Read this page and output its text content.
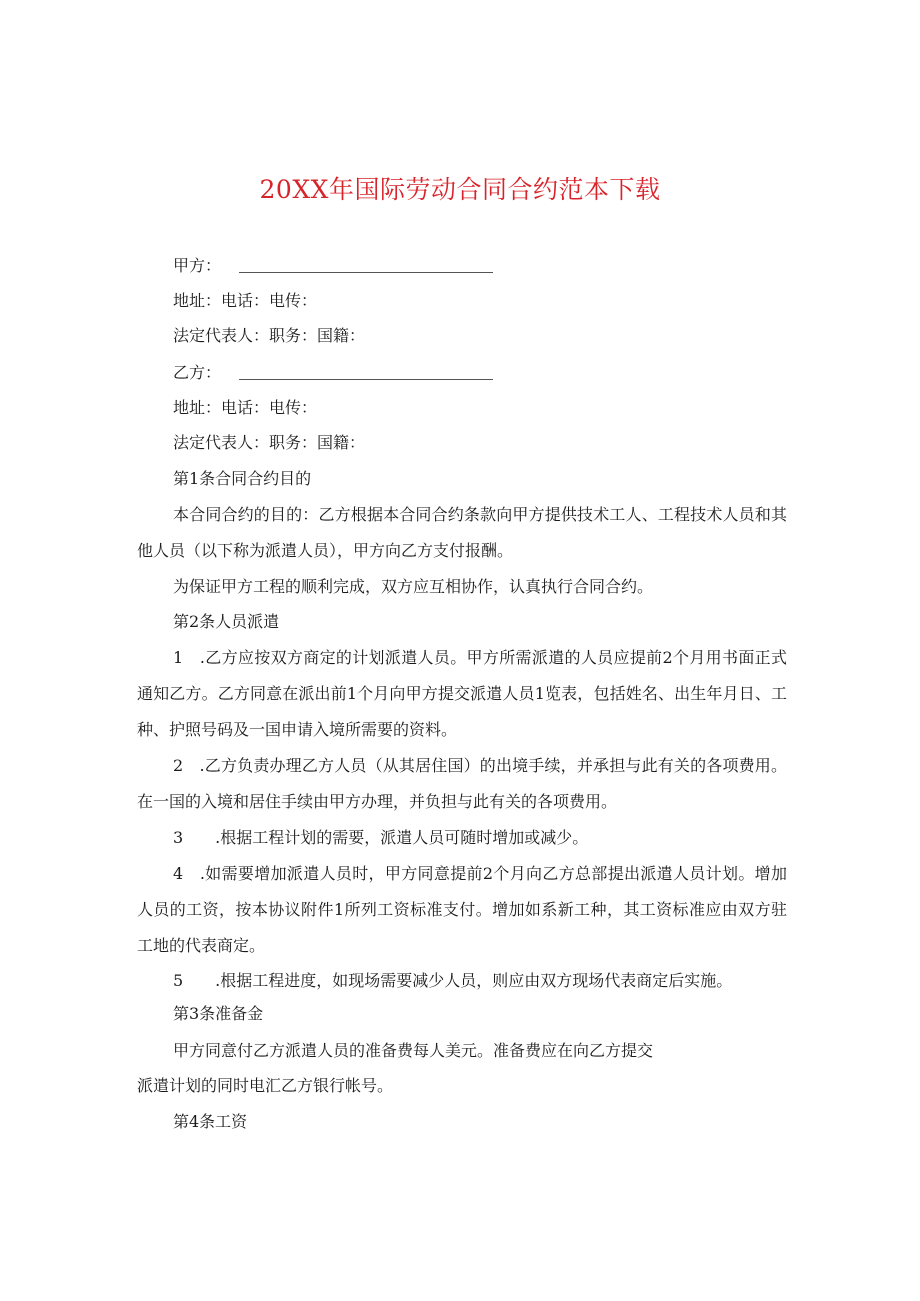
20XX年国际劳动合同合约范本下载
甲方：
地址：电话：电传：
法定代表人：职务：国籍：
乙方：
地址：电话：电传：
法定代表人：职务：国籍：
第1条合同合约目的
本合同合约的目的：乙方根据本合同合约条款向甲方提供技术工人、工程技术人员和其他人员（以下称为派遣人员），甲方向乙方支付报酬。
为保证甲方工程的顺利完成，双方应互相协作，认真执行合同合约。
第2条人员派遣
1　.乙方应按双方商定的计划派遣人员。甲方所需派遣的人员应提前2个月用书面正式通知乙方。乙方同意在派出前1个月向甲方提交派遣人员1览表，包括姓名、出生年月日、工种、护照号码及一国申请入境所需要的资料。
2　.乙方负责办理乙方人员（从其居住国）的出境手续，并承担与此有关的各项费用。在一国的入境和居住手续由甲方办理，并负担与此有关的各项费用。
3　　.根据工程计划的需要，派遣人员可随时增加或减少。
4　.如需要增加派遣人员时，甲方同意提前2个月向乙方总部提出派遣人员计划。增加人员的工资，按本协议附件1所列工资标准支付。增加如系新工种，其工资标准应由双方驻工地的代表商定。
5　　.根据工程进度，如现场需要减少人员，则应由双方现场代表商定后实施。
第3条准备金
甲方同意付乙方派遣人员的准备费每人美元。准备费应在向乙方提交
派遣计划的同时电汇乙方银行帐号。
第4条工资
